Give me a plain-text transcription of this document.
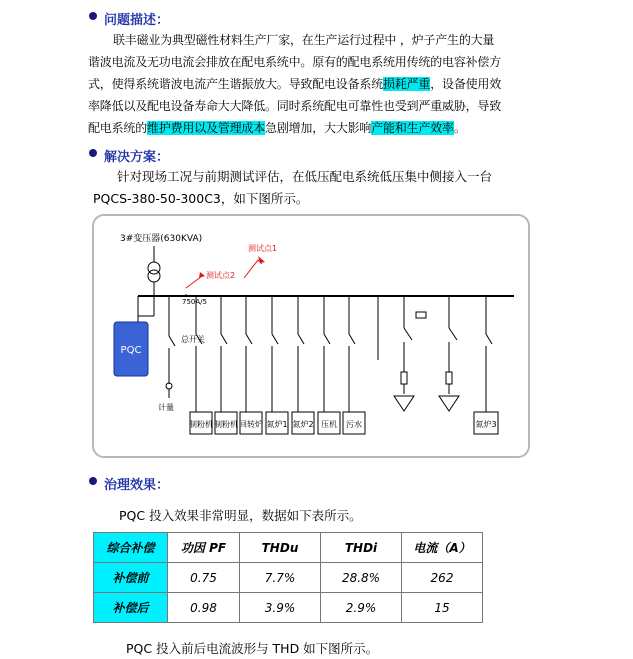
问题描述：
联丰磁业为典型磁性材料生产厂家，在生产运行过程中 ，炉子产生的大量
谐波电流及无功电流会排放在配电系统中。原有的配电系统用传统的电容补偿方
式，使得系统谐波电流产生谐振放大。导致配电设备系统损耗严重，设备使用效
率降低以及配电设备寿命大大降低。同时系统配电可靠性也受到严重威胁，导致
配电系统的维护费用以及管理成本急剧增加，大大影响产能和生产效率。
解决方案：
针对现场工况与前期测试评估，在低压配电系统低压集中侧接入一台
PQCS-380-50-300C3，如下图所示。
3#变压器(630KVA)
测试点1
测试点2
750A/5
PQC
总开关
计量
制粉机 制粉机 回转炉 氮炉1 氮炉2 压机 污水	氮炉3
治理效果：
PQC 投入效果非常明显，数据如下表所示。
综合补偿	功因 PF	THDu	THDi	电流（A）
补偿前	0.75	7.7%	28.8%	262
补偿后	0.98	3.9%	2.9%	15
PQC 投入前后电流波形与 THD 如下图所示。
